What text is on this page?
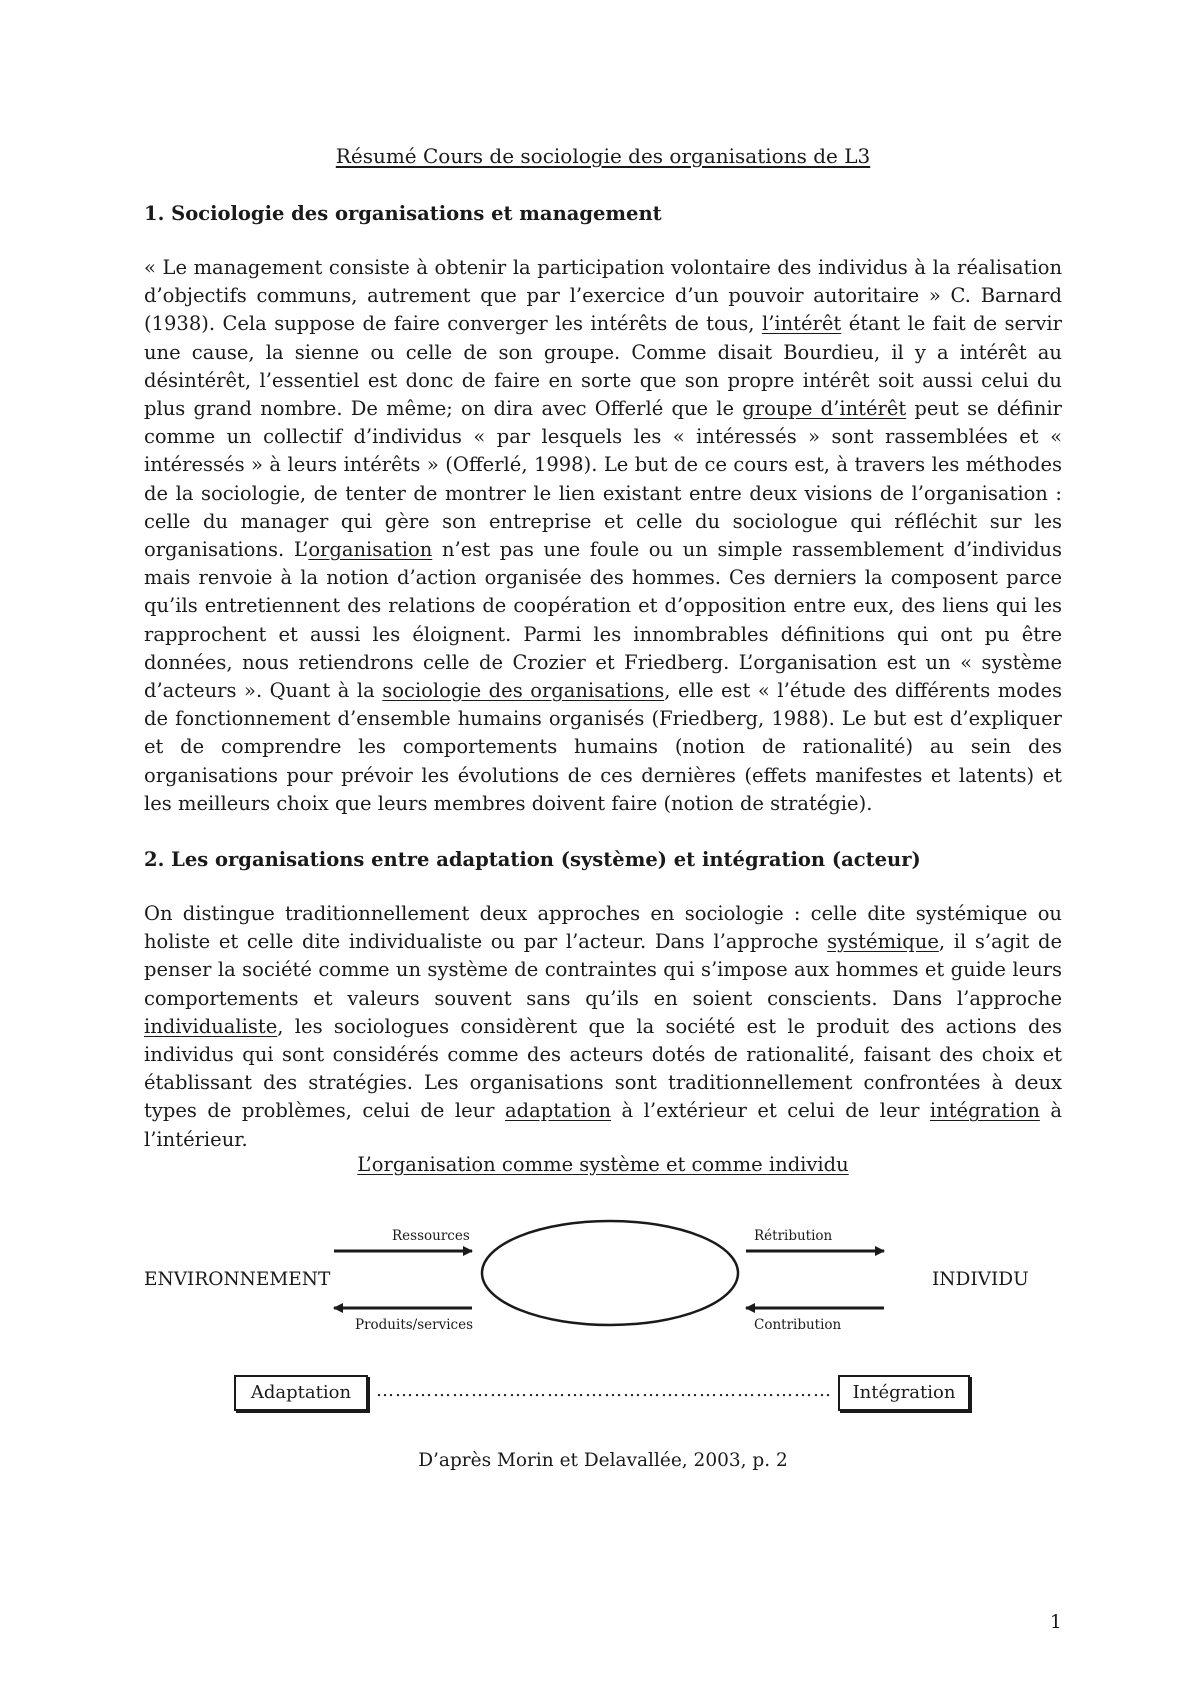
Résumé Cours de sociologie des organisations de L3
1. Sociologie des organisations et management

« Le management consiste à obtenir la participation volontaire des individus à la réalisation d’objectifs communs, autrement que par l’exercice d’un pouvoir autoritaire » C. Barnard (1938). Cela suppose de faire converger les intérêts de tous, l’intérêt étant le fait de servir une cause, la sienne ou celle de son groupe. Comme disait Bourdieu, il y a intérêt au désintérêt, l’essentiel est donc de faire en sorte que son propre intérêt soit aussi celui du plus grand nombre. De même; on dira avec Offerlé que le groupe d’intérêt peut se définir comme un collectif d’individus « par lesquels les « intéressés » sont rassemblées et « intéressés » à leurs intérêts » (Offerlé, 1998). Le but de ce cours est, à travers les méthodes de la sociologie, de tenter de montrer le lien existant entre deux visions de l’organisation : celle du manager qui gère son entreprise et celle du sociologue qui réfléchit sur les organisations. L’organisation n’est pas une foule ou un simple rassemblement d’individus mais renvoie à la notion d’action organisée des hommes. Ces derniers la composent parce qu’ils entretiennent des relations de coopération et d’opposition entre eux, des liens qui les rapprochent et aussi les éloignent. Parmi les innombrables définitions qui ont pu être données, nous retiendrons celle de Crozier et Friedberg. L’organisation est un « système d’acteurs ». Quant à la sociologie des organisations, elle est « l’étude des différents modes de fonctionnement d’ensemble humains organisés (Friedberg, 1988). Le but est d’expliquer et de comprendre les comportements humains (notion de rationalité) au sein des organisations pour prévoir les évolutions de ces dernières (effets manifestes et latents) et les meilleurs choix que leurs membres doivent faire (notion de stratégie).

2. Les organisations entre adaptation (système) et intégration (acteur)

On distingue traditionnellement deux approches en sociologie : celle dite systémique ou holiste et celle dite individualiste ou par l’acteur. Dans l’approche systémique, il s’agit de penser la société comme un système de contraintes qui s’impose aux hommes et guide leurs comportements et valeurs souvent sans qu’ils en soient conscients. Dans l’approche individualiste, les sociologues considèrent que la société est le produit des actions des individus qui sont considérés comme des acteurs dotés de rationalité, faisant des choix et établissant des stratégies. Les organisations sont traditionnellement confrontées à deux types de problèmes, celui de leur adaptation à l’extérieur et celui de leur intégration à l’intérieur.

L’organisation comme système et comme individu
Ressources
Produits/services
Rétribution
Contribution
ENVIRONNEMENT	INDIVIDU
Adaptation	………………………………………………………………	Intégration
D’après Morin et Delavallée, 2003, p. 2
1
